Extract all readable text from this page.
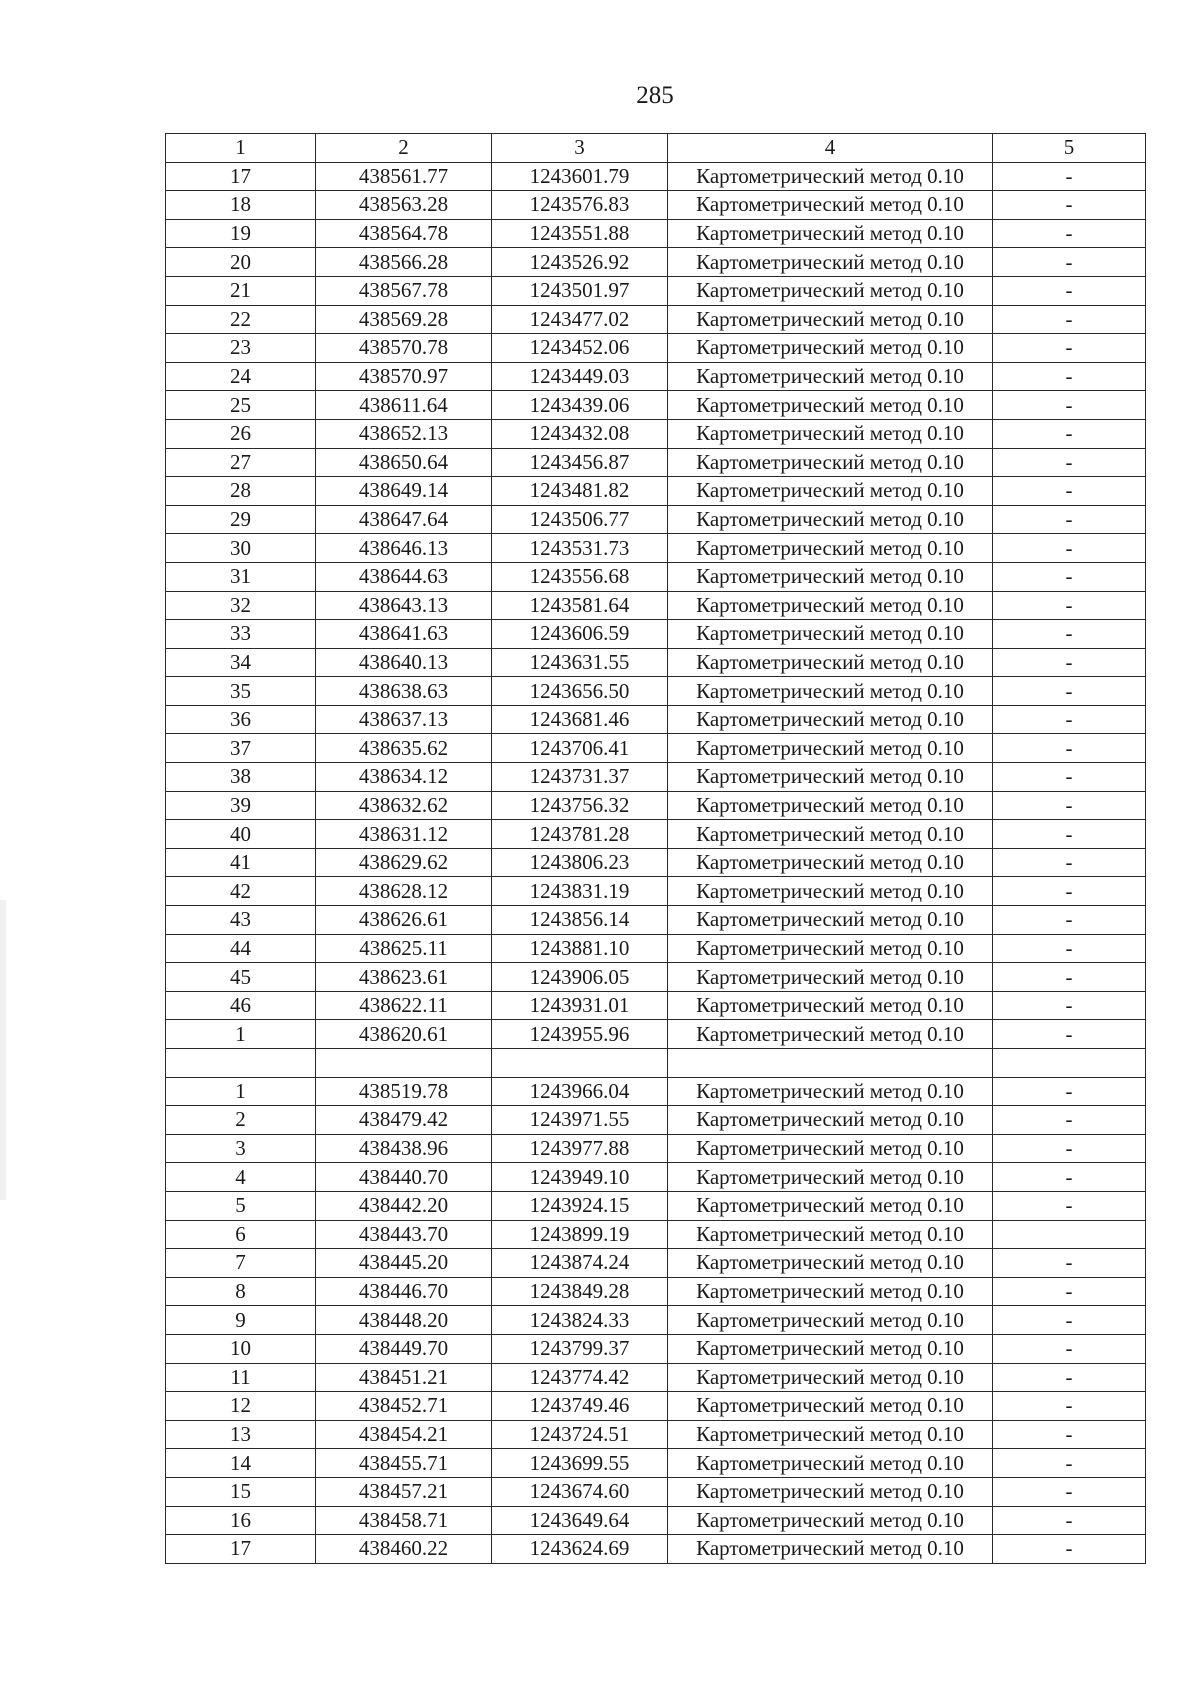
285
1	2	3	4	5
17	438561.77	1243601.79	Картометрический метод 0.10	-
18	438563.28	1243576.83	Картометрический метод 0.10	-
19	438564.78	1243551.88	Картометрический метод 0.10	-
20	438566.28	1243526.92	Картометрический метод 0.10	-
21	438567.78	1243501.97	Картометрический метод 0.10	-
22	438569.28	1243477.02	Картометрический метод 0.10	-
23	438570.78	1243452.06	Картометрический метод 0.10	-
24	438570.97	1243449.03	Картометрический метод 0.10	-
25	438611.64	1243439.06	Картометрический метод 0.10	-
26	438652.13	1243432.08	Картометрический метод 0.10	-
27	438650.64	1243456.87	Картометрический метод 0.10	-
28	438649.14	1243481.82	Картометрический метод 0.10	-
29	438647.64	1243506.77	Картометрический метод 0.10	-
30	438646.13	1243531.73	Картометрический метод 0.10	-
31	438644.63	1243556.68	Картометрический метод 0.10	-
32	438643.13	1243581.64	Картометрический метод 0.10	-
33	438641.63	1243606.59	Картометрический метод 0.10	-
34	438640.13	1243631.55	Картометрический метод 0.10	-
35	438638.63	1243656.50	Картометрический метод 0.10	-
36	438637.13	1243681.46	Картометрический метод 0.10	-
37	438635.62	1243706.41	Картометрический метод 0.10	-
38	438634.12	1243731.37	Картометрический метод 0.10	-
39	438632.62	1243756.32	Картометрический метод 0.10	-
40	438631.12	1243781.28	Картометрический метод 0.10	-
41	438629.62	1243806.23	Картометрический метод 0.10	-
42	438628.12	1243831.19	Картометрический метод 0.10	-
43	438626.61	1243856.14	Картометрический метод 0.10	-
44	438625.11	1243881.10	Картометрический метод 0.10	-
45	438623.61	1243906.05	Картометрический метод 0.10	-
46	438622.11	1243931.01	Картометрический метод 0.10	-
1	438620.61	1243955.96	Картометрический метод 0.10	-

1	438519.78	1243966.04	Картометрический метод 0.10	-
2	438479.42	1243971.55	Картометрический метод 0.10	-
3	438438.96	1243977.88	Картометрический метод 0.10	-
4	438440.70	1243949.10	Картометрический метод 0.10	-
5	438442.20	1243924.15	Картометрический метод 0.10	-
6	438443.70	1243899.19	Картометрический метод 0.10	
7	438445.20	1243874.24	Картометрический метод 0.10	-
8	438446.70	1243849.28	Картометрический метод 0.10	-
9	438448.20	1243824.33	Картометрический метод 0.10	-
10	438449.70	1243799.37	Картометрический метод 0.10	-
11	438451.21	1243774.42	Картометрический метод 0.10	-
12	438452.71	1243749.46	Картометрический метод 0.10	-
13	438454.21	1243724.51	Картометрический метод 0.10	-
14	438455.71	1243699.55	Картометрический метод 0.10	-
15	438457.21	1243674.60	Картометрический метод 0.10	-
16	438458.71	1243649.64	Картометрический метод 0.10	-
17	438460.22	1243624.69	Картометрический метод 0.10	-
